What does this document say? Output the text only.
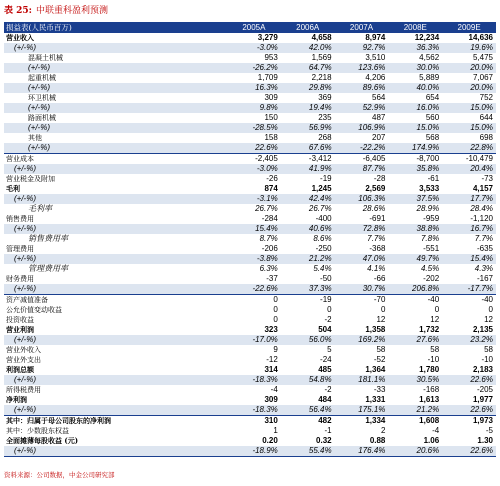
表 25: 中联重科盈利预测
损益表(人民币百万)	2005A	2006A	2007A	2008E	2009E
营业收入	3,279	4,658	8,974	12,234	14,636
(+/-%)	-3.0%	42.0%	92.7%	36.3%	19.6%
混凝土机械	953	1,569	3,510	4,562	5,475
(+/-%)	-26.2%	64.7%	123.6%	30.0%	20.0%
起重机械	1,709	2,218	4,206	5,889	7,067
(+/-%)	16.3%	29.8%	89.6%	40.0%	20.0%
环卫机械	309	369	564	654	752
(+/-%)	9.8%	19.4%	52.9%	16.0%	15.0%
路面机械	150	235	487	560	644
(+/-%)	-28.5%	56.9%	106.9%	15.0%	15.0%
其他	158	268	207	568	698
(+/-%)	22.6%	67.6%	-22.2%	174.9%	22.8%
营业成本	-2,405	-3,412	-6,405	-8,700	-10,479
(+/-%)	-3.0%	41.9%	87.7%	35.8%	20.4%
营业税金及附加	-26	-19	-28	-61	-73
毛利	874	1,245	2,569	3,533	4,157
(+/-%)	-3.1%	42.4%	106.3%	37.5%	17.7%
毛利率	26.7%	26.7%	28.6%	28.9%	28.4%
销售费用	-284	-400	-691	-959	-1,120
(+/-%)	15.4%	40.6%	72.8%	38.8%	16.7%
销售费用率	8.7%	8.6%	7.7%	7.8%	7.7%
管理费用	-206	-250	-368	-551	-635
(+/-%)	-3.8%	21.2%	47.0%	49.7%	15.4%
管理费用率	6.3%	5.4%	4.1%	4.5%	4.3%
财务费用	-37	-50	-66	-202	-167
(+/-%)	-22.6%	37.3%	30.7%	206.8%	-17.7%
资产减值准备	0	-19	-70	-40	-40
公允价值变动收益	0	0	0	0	0
投资收益	0	-2	12	12	12
营业利润	323	504	1,358	1,732	2,135
(+/-%)	-17.0%	56.0%	169.2%	27.6%	23.2%
营业外收入	9	5	58	58	58
营业外支出	-12	-24	-52	-10	-10
利润总额	314	485	1,364	1,780	2,183
(+/-%)	-18.3%	54.8%	181.1%	30.5%	22.6%
所得税费用	-4	-2	-33	-168	-205
净利润	309	484	1,331	1,613	1,977
(+/-%)	-18.3%	56.4%	175.1%	21.2%	22.6%
其中：归属于母公司股东的净利润	310	482	1,334	1,608	1,973
其中：少数股东权益	1	-1	2	-4	-5
全面摊薄每股收益 (元)	0.20	0.32	0.88	1.06	1.30
(+/-%)	-18.9%	55.4%	176.4%	20.6%	22.6%
资料来源：公司数据，中金公司研究部
